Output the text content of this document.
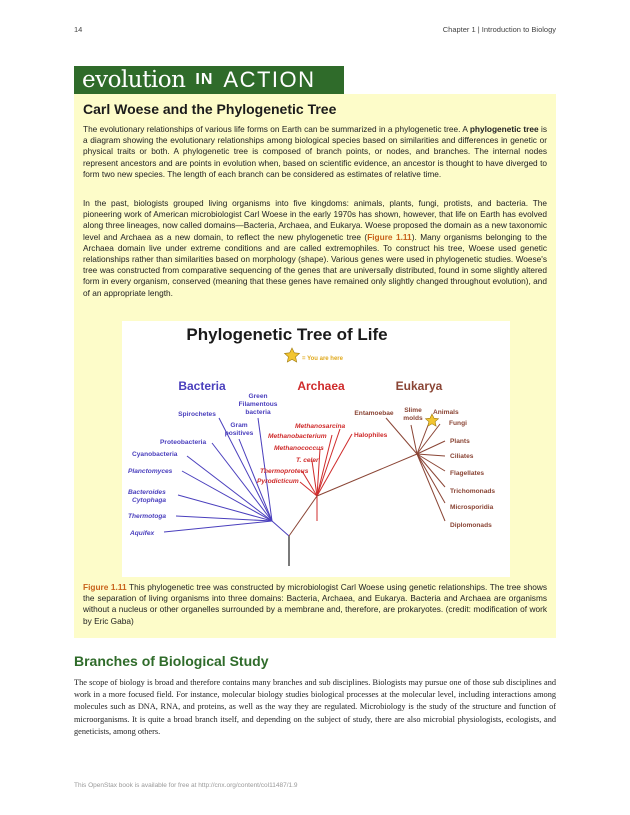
14	Chapter 1 | Introduction to Biology
evolution IN ACTION
Carl Woese and the Phylogenetic Tree

The evolutionary relationships of various life forms on Earth can be summarized in a phylogenetic tree. A phylogenetic tree is a diagram showing the evolutionary relationships among biological species based on similarities and differences in genetic or physical traits or both. A phylogenetic tree is composed of branch points, or nodes, and branches. The internal nodes represent ancestors and are points in evolution when, based on scientific evidence, an ancestor is thought to have diverged to form two new species. The length of each branch can be considered as estimates of relative time.

In the past, biologists grouped living organisms into five kingdoms: animals, plants, fungi, protists, and bacteria. The pioneering work of American microbiologist Carl Woese in the early 1970s has shown, however, that life on Earth has evolved along three lineages, now called domains—Bacteria, Archaea, and Eukarya. Woese proposed the domain as a new taxonomic level and Archaea as a new domain, to reflect the new phylogenetic tree (Figure 1.11). Many organisms belonging to the Archaea domain live under extreme conditions and are called extremophiles. To construct his tree, Woese used genetic relationships rather than similarities based on morphology (shape). Various genes were used in phylogenetic studies. Woese's tree was constructed from comparative sequencing of the genes that are universally distributed, found in some slightly altered form in every organism, conserved (meaning that these genes have remained only slightly changed throughout evolution), and of an appropriate length.

Phylogenetic Tree of Life
= You are here
Bacteria	Archaea	Eukarya
Green
Filamentous
bacteria
Spirochetes
Gram
positives
Proteobacteria
Cyanobacteria
Planctomyces
Bacteroides
Cytophaga
Thermotoga
Aquifex
Methanosarcina
Methanobacterium
Methanococcus
T. celer
Thermoproteus
Pyrodicticum
Halophiles
Entamoebae Slime
molds
Animals
Fungi
Plants
Ciliates
Flagellates
Trichomonads
Microsporidia
Diplomonads

Figure 1.11 This phylogenetic tree was constructed by microbiologist Carl Woese using genetic relationships. The tree shows the separation of living organisms into three domains: Bacteria, Archaea, and Eukarya. Bacteria and Archaea are organisms without a nucleus or other organelles surrounded by a membrane and, therefore, are prokaryotes. (credit: modification of work by Eric Gaba)

Branches of Biological Study

The scope of biology is broad and therefore contains many branches and sub disciplines. Biologists may pursue one of those sub disciplines and work in a more focused field. For instance, molecular biology studies biological processes at the molecular level, including interactions among molecules such as DNA, RNA, and proteins, as well as the way they are regulated. Microbiology is the study of the structure and function of microorganisms. It is quite a broad branch itself, and depending on the subject of study, there are also microbial physiologists, ecologists, and geneticists, among others.

This OpenStax book is available for free at http://cnx.org/content/col11487/1.9
